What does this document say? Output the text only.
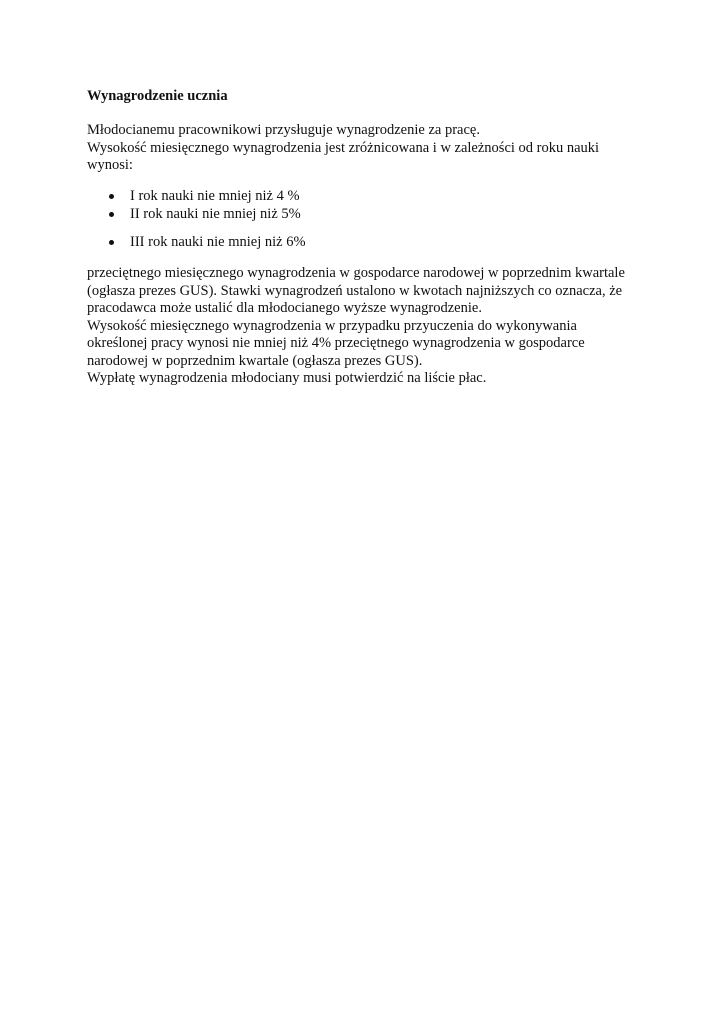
Wynagrodzenie ucznia

Młodocianemu pracownikowi przysługuje wynagrodzenie za pracę.
Wysokość miesięcznego wynagrodzenia jest zróżnicowana i w zależności od roku nauki
wynosi:

I rok nauki nie mniej niż 4 %
II rok nauki nie mniej niż 5%
III rok nauki nie mniej niż 6%

przeciętnego miesięcznego wynagrodzenia w gospodarce narodowej w poprzednim kwartale
(ogłasza prezes GUS). Stawki wynagrodzeń ustalono w kwotach najniższych co oznacza, że
pracodawca może ustalić dla młodocianego wyższe wynagrodzenie.
Wysokość miesięcznego wynagrodzenia w przypadku przyuczenia do wykonywania
określonej pracy wynosi nie mniej niż 4% przeciętnego wynagrodzenia w gospodarce
narodowej w poprzednim kwartale (ogłasza prezes GUS).
Wypłatę wynagrodzenia młodociany musi potwierdzić na liście płac.
